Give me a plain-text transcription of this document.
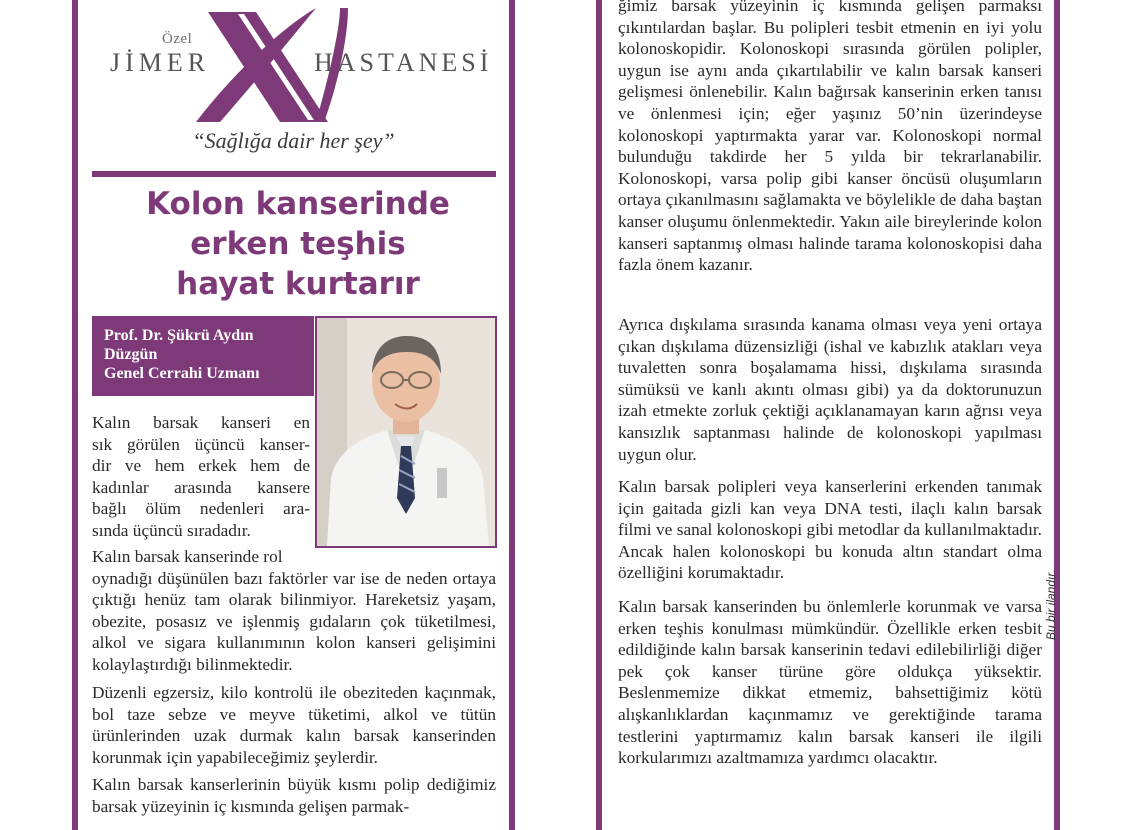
Özel
JİMER	HASTANESİ
“Sağlığa dair her şey”
Kolon kanserinde
erken teşhis
hayat kurtarır
Prof. Dr. Şükrü Aydın
Düzgün
Genel Cerrahi Uzmanı

Kalın barsak kanseri en

sık görülen üçüncü kanser-

dir ve hem erkek hem de

kadınlar arasında kansere

bağlı ölüm nedenleri ara-

sında üçüncü sıradadır.

Kalın barsak kanserinde rol

oynadığı düşünülen bazı faktörler var ise de neden ortaya çıktığı henüz tam olarak bilinmiyor. Hareketsiz yaşam, obezite, posasız ve işlenmiş gıdaların çok tüketilmesi, alkol ve sigara kullanımının kolon kanseri gelişimini kolaylaştırdığı bilinmektedir.

Düzenli egzersiz, kilo kontrolü ile obeziteden kaçınmak, bol taze sebze ve meyve tüketimi, alkol ve tütün ürünlerinden uzak durmak kalın barsak kanserinden korunmak için yapabileceğimiz şeylerdir.

Kalın barsak kanserlerinin büyük kısmı polip dediğimiz barsak yüzeyinin iç kısmında gelişen parmak-

ğimiz barsak yüzeyinin iç kısmında gelişen parmaksı çıkıntılardan başlar. Bu polipleri tesbit etmenin en iyi yolu kolonoskopidir. Kolonoskopi sırasında görülen polipler, uygun ise aynı anda çıkartılabilir ve kalın barsak kanseri gelişmesi önlenebilir. Kalın bağırsak kanserinin erken tanısı ve önlenmesi için; eğer yaşınız 50’nin üzerindeyse kolonoskopi yaptırmakta yarar var. Kolonoskopi normal bulunduğu takdirde her 5 yılda bir tekrarlanabilir. Kolonoskopi, varsa polip gibi kanser öncüsü oluşumların ortaya çıkanılmasını sağlamakta ve böylelikle de daha baştan kanser oluşumu önlenmektedir. Yakın aile bireylerinde kolon kanseri saptanmış olması halinde tarama kolonoskopisi daha fazla önem kazanır.

Ayrıca dışkılama sırasında kanama olması veya yeni ortaya çıkan dışkılama düzensizliği (ishal ve kabızlık atakları veya tuvaletten sonra boşalamama hissi, dışkılama sırasında sümüksü ve kanlı akıntı olması gibi) ya da doktorunuzun izah etmekte zorluk çektiği açıklanamayan karın ağrısı veya kansızlık saptanması halinde de kolonoskopi yapılması uygun olur.

Kalın barsak polipleri veya kanserlerini erkenden tanımak için gaitada gizli kan veya DNA testi, ilaçlı kalın barsak filmi ve sanal kolonoskopi gibi metodlar da kullanılmaktadır. Ancak halen kolonoskopi bu konuda altın standart olma özelliğini korumaktadır.

Kalın barsak kanserinden bu önlemlerle korunmak ve varsa erken teşhis konulması mümkündür. Özellikle erken tesbit edildiğinde kalın barsak kanserinin tedavi edilebilirliği diğer pek çok kanser türüne göre oldukça yüksektir. Beslenmemize dikkat etmemiz, bahsettiğimiz kötü alışkanlıklardan kaçınmamız ve gerektiğinde tarama testlerini yaptırmamız kalın barsak kanseri ile ilgili korkularımızı azaltmamıza yardımcı olacaktır.

Bu bir ilandır.
